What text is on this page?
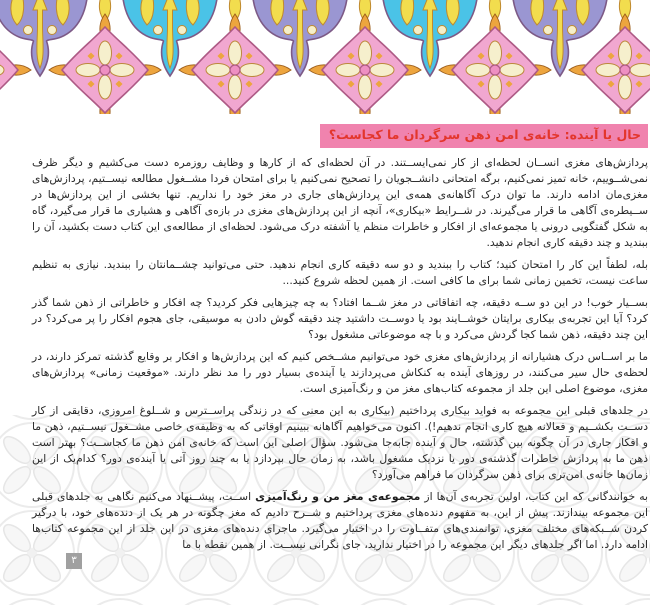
حال یا آینده: خانه‌ی امن ذهن سرگردان ما کجاست؟

پردازش‌های مغزی انســان لحظه‌ای از کار نمی‌ایســتند. در آن لحظه‌ای که از کارها و وظایف روزمره دست می‌کشیم و دیگر ظرف نمی‌شــوییم، خانه تمیز نمی‌کنیم، برگه امتحانی دانشــجویان را تصحیح نمی‌کنیم یا برای امتحان فردا مشــغول مطالعه نیســتیم، پردازش‌های مغزی‌مان ادامه دارند. ما توان درک آگاهانه‌ی همه‌ی این پردازش‌های جاری در مغز خود را نداریم. تنها بخشی از این پردازش‌ها در ســیطره‌ی آگاهی ما قرار می‌گیرند. در شــرایط «بیکاری»، آنچه از این پردازش‌های مغزی در بازه‌ی آگاهی و هشیاری ما قرار می‌گیرد، گاه به شکل گفتگویی درونی یا مجموعه‌ای از افکار و خاطرات منظم یا آشفته درک می‌شود. لحظه‌ای از مطالعه‌ی این کتاب دست بکشید، آن را ببندید و چند دقیقه کاری انجام ندهید.

بله، لطفاً این کار را امتحان کنید؛ کتاب را ببندید و دو سه دقیقه کاری انجام ندهید. حتی می‌توانید چشــمانتان را ببندید. نیازی به تنظیم ساعت نیست، تخمین زمانی شما برای ما کافی است. از همین لحظه شروع کنید...

بســیار خوب! در این دو ســه دقیقه، چه اتفاقاتی در مغز شــما افتاد؟ به چه چیزهایی فکر کردید؟ چه افکار و خاطراتی از ذهن شما گذر کرد؟ آیا این تجربه‌ی بیکاری برایتان خوشــایند بود یا دوســت داشتید چند دقیقه گوش دادن به موسیقی، جای هجوم افکار را پر می‌کرد؟ در این چند دقیقه، ذهن شما کجا گردش می‌کرد و با چه موضوعاتی مشغول بود؟

ما بر اســاس درک هشیارانه از پردازش‌های مغزی خود می‌توانیم مشــخص کنیم که این پردازش‌ها و افکار بر وقایع گذشته تمرکز دارند، در لحظه‌ی حال سیر می‌کنند، در روزهای آینده به کنکاش می‌پردازند یا آینده‌ی بسیار دور را مد نظر دارند. «موقعیت زمانی» پردازش‌های مغزی، موضوع اصلی این جلد از مجموعه کتاب‌های مغز من و رنگ‌آمیزی است.

در جلدهای قبلی این مجموعه به فواید بیکاری پرداختیم (بیکاری به این معنی که در زندگی پراســترس و شــلوغ امروزی، دقایقی از کار دســت بکشــیم و فعالانه هیچ کاری انجام ندهیم!). اکنون می‌خواهیم آگاهانه ببینیم اوقاتی که به وظیفه‌ی خاصی مشــغول نیســتیم، ذهن ما و افکار جاری در آن چگونه بین گذشته، حال و آینده جابه‌جا می‌شود. سؤال اصلی این است که خانه‌ی امن ذهن ما کجاســت؟ بهتر است ذهن ما به پردازش خاطرات گذشته‌ی دور یا نزدیک مشغول باشد، به زمان حال بپردازد یا به چند روز آتی یا آینده‌ی دور؟ کدام‌یک از این زمان‌ها خانه‌ی امن‌تری برای ذهن سرگردان ما فراهم می‌آورد؟

به خوانندگانی که این کتاب، اولین تجربه‌ی آن‌ها از مجموعه‌ی مغز من و رنگ‌آمیزی اســت، پیشــنهاد می‌کنیم نگاهی به جلدهای قبلی این مجموعه بیندازند. پیش از این، به مفهوم دنده‌های مغزی پرداختیم و شــرح دادیم که مغز چگونه در هر یک از دنده‌های خود، با درگیر کردن شــبکه‌های مختلف مغزی، توانمندی‌های متفــاوت را در اختیار می‌گیرد. ماجرای دنده‌های مغزی در این جلد از این مجموعه کتاب‌ها ادامه دارد. اما اگر جلدهای دیگر این مجموعه را در اختیار ندارید، جای نگرانی نیســت. از همین نقطه با ما

۳
